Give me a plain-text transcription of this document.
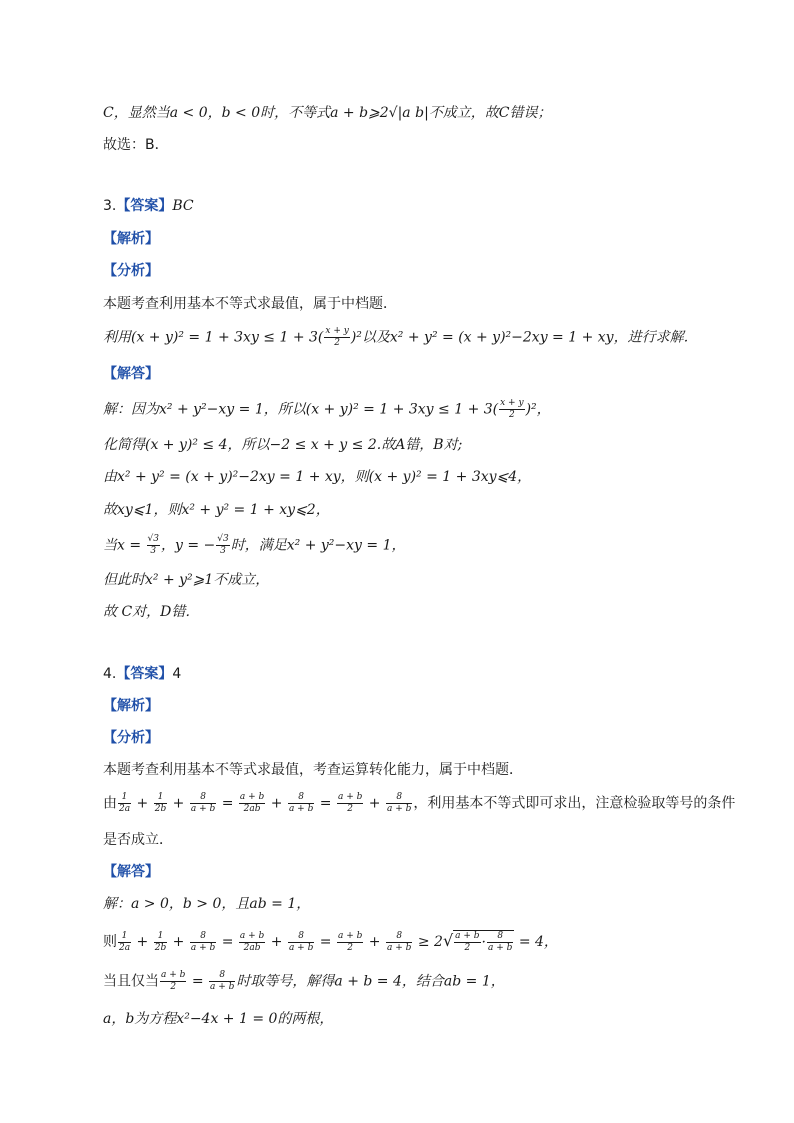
C，显然当a < 0，b < 0时，不等式a + b⩾2√|a b|不成立，故C错误；
故选：B．
3.【答案】BC
【解析】
【分析】
本题考查利用基本不等式求最值，属于中档题．
利用$(x + y)^2 = 1 + 3xy \le 1 + 3( \frac{x + y}{2} )^2$以及x² + y² = (x + y)²−2xy = 1 + xy，进行求解．
【解答】
解：因为x² + y²−xy = 1，所以$(x + y)^2 = 1 + 3xy \le 1 + 3( \frac{x + y}{2} )^2$，
化简得(x + y)² ≤ 4，所以−2 ≤ x + y ≤ 2.故A错，B对;
由x² + y² = (x + y)²−2xy = 1 + xy，则(x + y)² = 1 + 3xy⩽4，
故xy⩽1，则x² + y² = 1 + xy⩽2，
当$x = \frac{√3}{3}$ ，y = − $\frac{√3}{3}$ 时，满足x² + y²−xy = 1，
但此时x² + y²⩾1不成立，
故 C对，D错．
4.【答案】4
【解析】
【分析】
本题考查利用基本不等式求最值，考查运算转化能力，属于中档题．
由 $\frac{1}{2a} + \frac{1}{2b} + \frac{8}{a + b} = \frac{a + b}{2ab} + \frac{8}{a + b} = \frac{a + b}{2} + \frac{8}{a + b}$ ，利用基本不等式即可求出，注意检验取等号的条件
是否成立．
【解答】
解：a > 0，b > 0，且ab = 1，
则 $\frac{1}{2a} + \frac{1}{2b} + \frac{8}{a + b} = \frac{a + b}{2ab} + \frac{8}{a + b} = \frac{a + b}{2} + \frac{8}{a + b} \ge 2√ \frac{a + b}{2} \cdot \frac{8}{a + b} = 4$，
当且仅当 $\frac{a + b}{2} = \frac{8}{a + b}$ 时取等号，解得a + b = 4，结合ab = 1，
a，b为方程x²−4x + 1 = 0的两根，
